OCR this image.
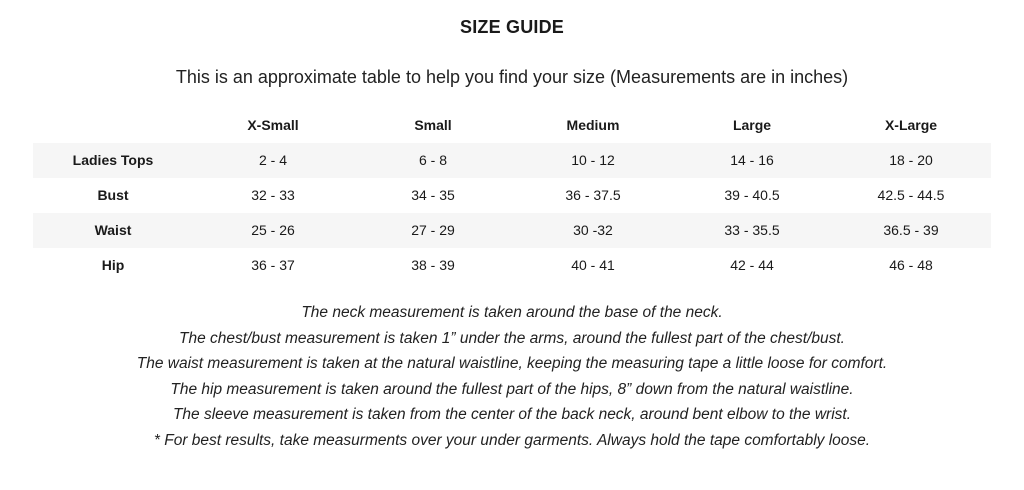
SIZE GUIDE
This is an approximate table to help you find your size (Measurements are in inches)
	X-Small	Small	Medium	Large	X-Large
Ladies Tops	2 - 4	6 - 8	10 - 12	14 - 16	18 - 20
Bust	32 - 33	34 - 35	36 - 37.5	39 - 40.5	42.5 - 44.5
Waist	25 - 26	27 - 29	30 -32	33 - 35.5	36.5 - 39
Hip	36 - 37	38 - 39	40 - 41	42 - 44	46 - 48

The neck measurement is taken around the base of the neck.

The chest/bust measurement is taken 1” under the arms, around the fullest part of the chest/bust.

The waist measurement is taken at the natural waistline, keeping the measuring tape a little loose for comfort.

The hip measurement is taken around the fullest part of the hips, 8” down from the natural waistline.

The sleeve measurement is taken from the center of the back neck, around bent elbow to the wrist.

* For best results, take measurments over your under garments. Always hold the tape comfortably loose.
